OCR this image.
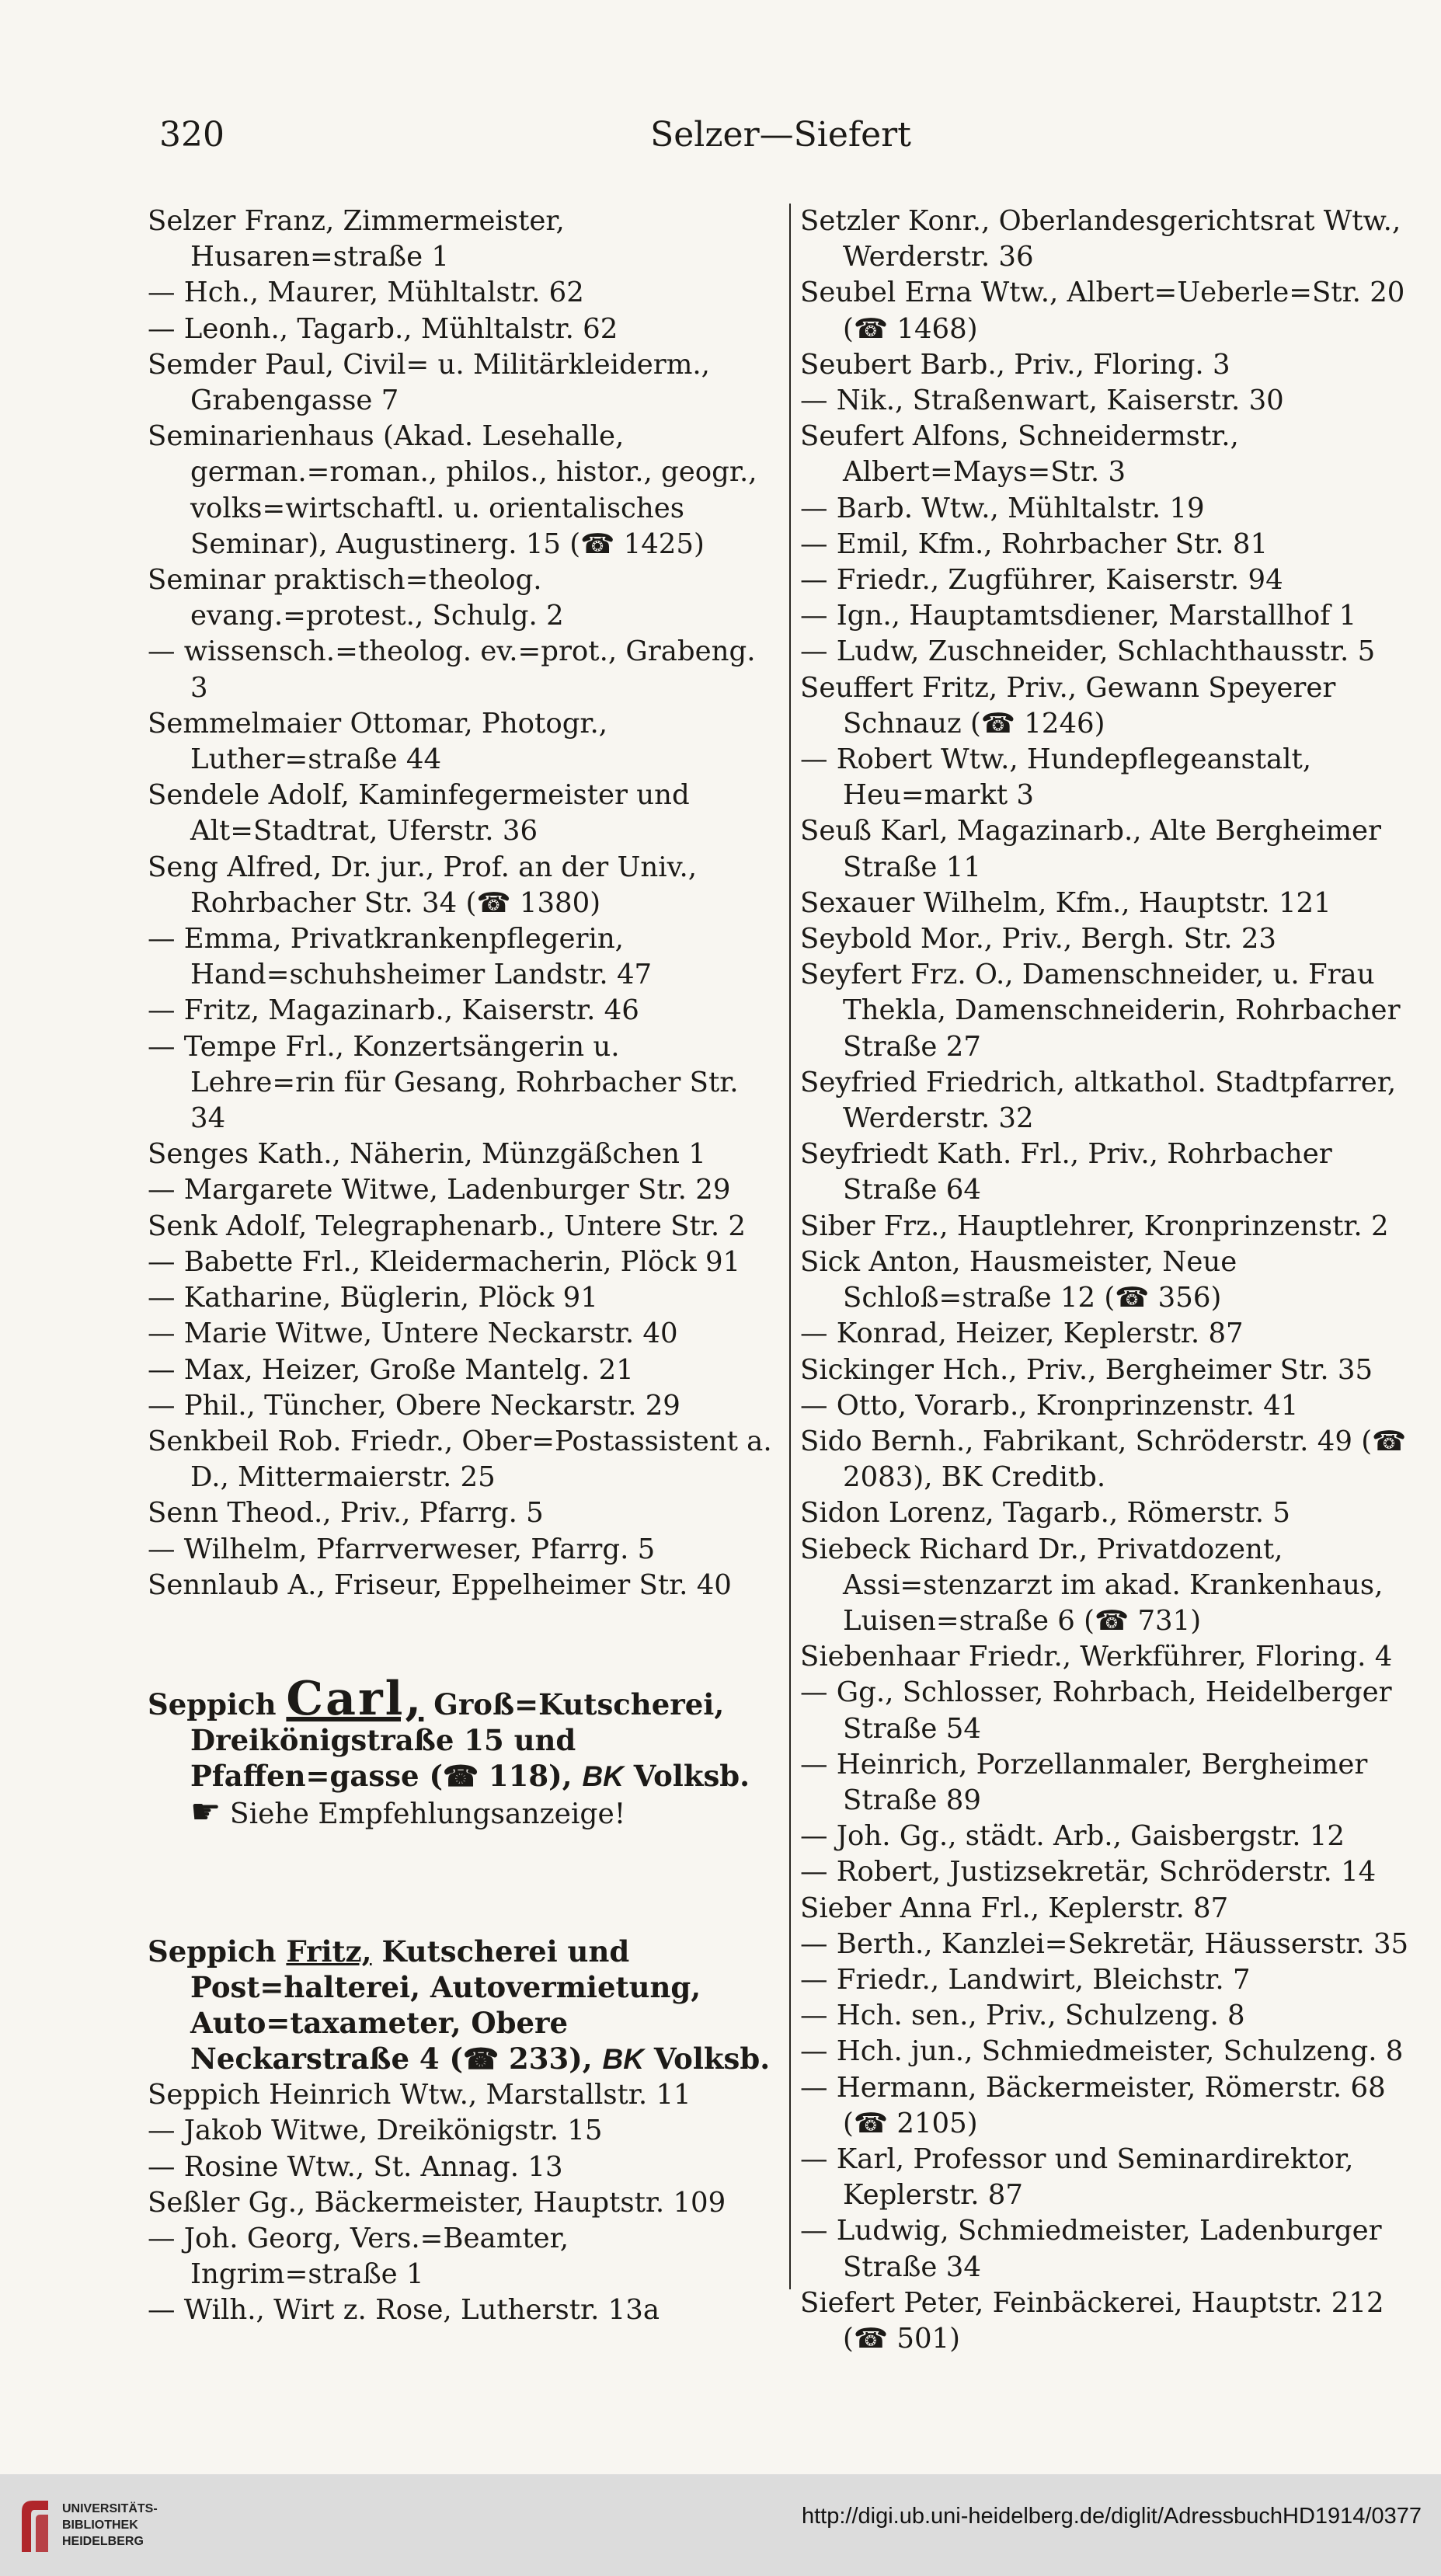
320	Selzer—Siefert
Selzer Franz, Zimmermeister, Husaren=straße 1
— Hch., Maurer, Mühltalstr. 62
— Leonh., Tagarb., Mühltalstr. 62
Semder Paul, Civil= u. Militärkleiderm., Grabengasse 7
Seminarienhaus (Akad. Lesehalle, german.=roman., philos., histor., geogr., volks=wirtschaftl. u. orientalisches Seminar), Augustinerg. 15 (☎ 1425)
Seminar praktisch=theolog. evang.=protest., Schulg. 2
— wissensch.=theolog. ev.=prot., Grabeng. 3
Semmelmaier Ottomar, Photogr., Luther=straße 44
Sendele Adolf, Kaminfegermeister und Alt=Stadtrat, Uferstr. 36
Seng Alfred, Dr. jur., Prof. an der Univ., Rohrbacher Str. 34 (☎ 1380)
— Emma, Privatkrankenpflegerin, Hand=schuhsheimer Landstr. 47
— Fritz, Magazinarb., Kaiserstr. 46
— Tempe Frl., Konzertsängerin u. Lehre=rin für Gesang, Rohrbacher Str. 34
Senges Kath., Näherin, Münzgäßchen 1
— Margarete Witwe, Ladenburger Str. 29
Senk Adolf, Telegraphenarb., Untere Str. 2
— Babette Frl., Kleidermacherin, Plöck 91
— Katharine, Büglerin, Plöck 91
— Marie Witwe, Untere Neckarstr. 40
— Max, Heizer, Große Mantelg. 21
— Phil., Tüncher, Obere Neckarstr. 29
Senkbeil Rob. Friedr., Ober=Postassistent a. D., Mittermaierstr. 25
Senn Theod., Priv., Pfarrg. 5
— Wilhelm, Pfarrverweser, Pfarrg. 5
Sennlaub A., Friseur, Eppelheimer Str. 40
Seppich Carl, Groß=Kutscherei, Dreikönigstraße 15 und Pfaffen=gasse (☎ 118), BK Volksb.
☛ Siehe Empfehlungsanzeige!
Seppich Fritz, Kutscherei und Post=halterei, Autovermietung, Auto=taxameter, Obere Neckarstraße 4 (☎ 233), BK Volksb.
Seppich Heinrich Wtw., Marstallstr. 11
— Jakob Witwe, Dreikönigstr. 15
— Rosine Wtw., St. Annag. 13
Seßler Gg., Bäckermeister, Hauptstr. 109
— Joh. Georg, Vers.=Beamter, Ingrim=straße 1
— Wilh., Wirt z. Rose, Lutherstr. 13a
Setzler Konr., Oberlandesgerichtsrat Wtw., Werderstr. 36
Seubel Erna Wtw., Albert=Ueberle=Str. 20 (☎ 1468)
Seubert Barb., Priv., Floring. 3
— Nik., Straßenwart, Kaiserstr. 30
Seufert Alfons, Schneidermstr., Albert=Mays=Str. 3
— Barb. Wtw., Mühltalstr. 19
— Emil, Kfm., Rohrbacher Str. 81
— Friedr., Zugführer, Kaiserstr. 94
— Ign., Hauptamtsdiener, Marstallhof 1
— Ludw, Zuschneider, Schlachthausstr. 5
Seuffert Fritz, Priv., Gewann Speyerer Schnauz (☎ 1246)
— Robert Wtw., Hundepflegeanstalt, Heu=markt 3
Seuß Karl, Magazinarb., Alte Bergheimer Straße 11
Sexauer Wilhelm, Kfm., Hauptstr. 121
Seybold Mor., Priv., Bergh. Str. 23
Seyfert Frz. O., Damenschneider, u. Frau Thekla, Damenschneiderin, Rohrbacher Straße 27
Seyfried Friedrich, altkathol. Stadtpfarrer, Werderstr. 32
Seyfriedt Kath. Frl., Priv., Rohrbacher Straße 64
Siber Frz., Hauptlehrer, Kronprinzenstr. 2
Sick Anton, Hausmeister, Neue Schloß=straße 12 (☎ 356)
— Konrad, Heizer, Keplerstr. 87
Sickinger Hch., Priv., Bergheimer Str. 35
— Otto, Vorarb., Kronprinzenstr. 41
Sido Bernh., Fabrikant, Schröderstr. 49 (☎ 2083), BK Creditb.
Sidon Lorenz, Tagarb., Römerstr. 5
Siebeck Richard Dr., Privatdozent, Assi=stenzarzt im akad. Krankenhaus, Luisen=straße 6 (☎ 731)
Siebenhaar Friedr., Werkführer, Floring. 4
— Gg., Schlosser, Rohrbach, Heidelberger Straße 54
— Heinrich, Porzellanmaler, Bergheimer Straße 89
— Joh. Gg., städt. Arb., Gaisbergstr. 12
— Robert, Justizsekretär, Schröderstr. 14
Sieber Anna Frl., Keplerstr. 87
— Berth., Kanzlei=Sekretär, Häusserstr. 35
— Friedr., Landwirt, Bleichstr. 7
— Hch. sen., Priv., Schulzeng. 8
— Hch. jun., Schmiedmeister, Schulzeng. 8
— Hermann, Bäckermeister, Römerstr. 68 (☎ 2105)
— Karl, Professor und Seminardirektor, Keplerstr. 87
— Ludwig, Schmiedmeister, Ladenburger Straße 34
Siefert Peter, Feinbäckerei, Hauptstr. 212 (☎ 501)
UNIVERSITÄTS-
BIBLIOTHEK
HEIDELBERG
http://digi.ub.uni-heidelberg.de/diglit/AdressbuchHD1914/0377
